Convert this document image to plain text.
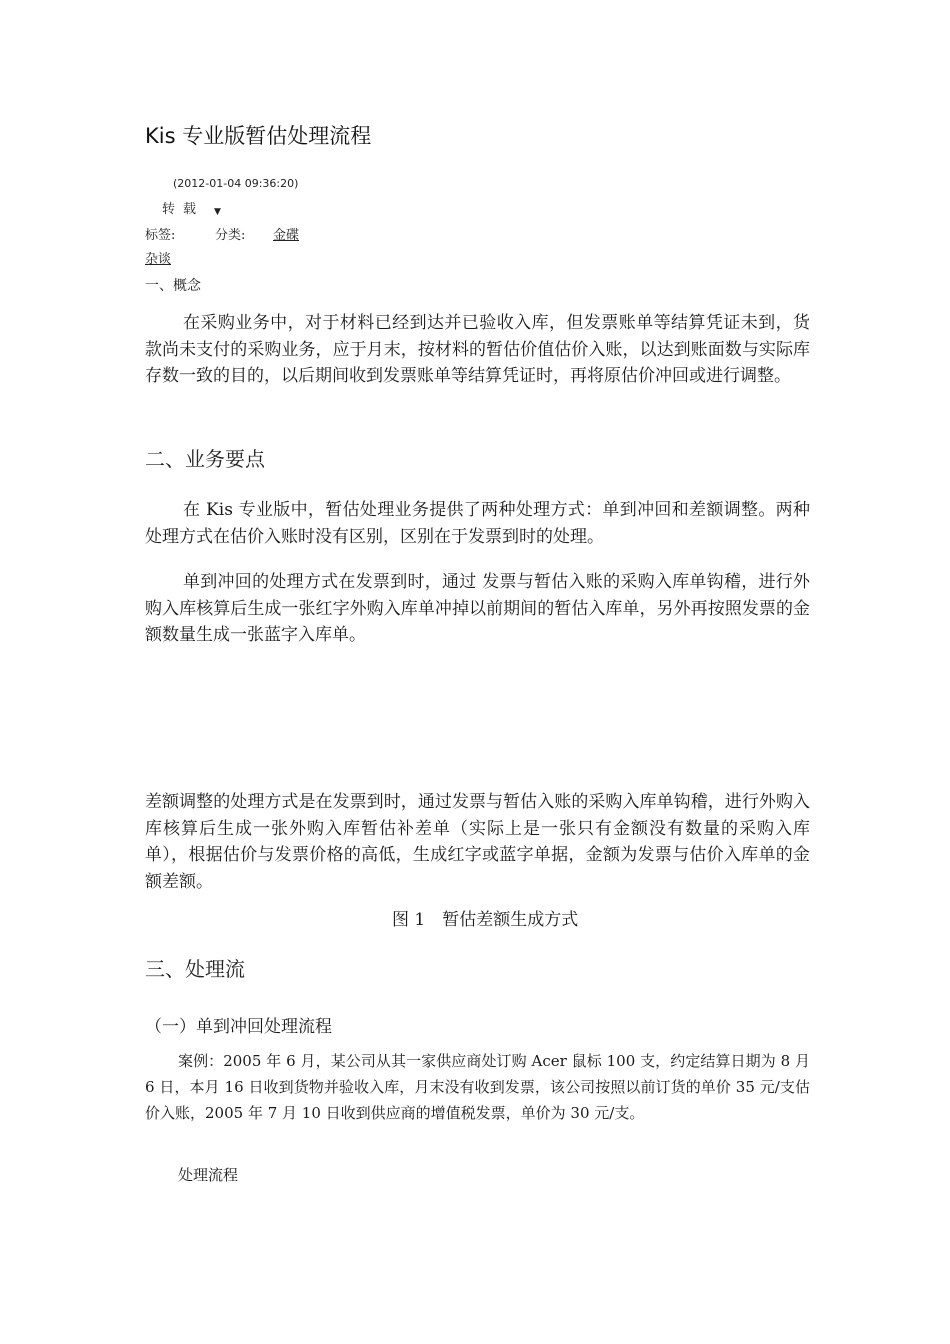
Kis 专业版暂估处理流程
(2012-01-04 09:36:20)
转载 ▼
标签:	分类: 金碟
杂谈
一、概念
在采购业务中，对于材料已经到达并已验收入库，但发票账单等结算凭证未到，货款尚未支付的采购业务，应于月末，按材料的暂估价值估价入账，以达到账面数与实际库存数一致的目的，以后期间收到发票账单等结算凭证时，再将原估价冲回或进行调整。
二、业务要点
在 Kis 专业版中，暂估处理业务提供了两种处理方式：单到冲回和差额调整。两种处理方式在估价入账时没有区别，区别在于发票到时的处理。
单到冲回的处理方式在发票到时，通过 发票与暂估入账的采购入库单钩稽，进行外购入库核算后生成一张红字外购入库单冲掉以前期间的暂估入库单，另外再按照发票的金额数量生成一张蓝字入库单。
差额调整的处理方式是在发票到时，通过发票与暂估入账的采购入库单钩稽，进行外购入库核算后生成一张外购入库暂估补差单（实际上是一张只有金额没有数量的采购入库单），根据估价与发票价格的高低，生成红字或蓝字单据，金额为发票与估价入库单的金额差额。
图 1　暂估差额生成方式
三、处理流
（一）单到冲回处理流程
案例：2005 年 6 月，某公司从其一家供应商处订购 Acer 鼠标 100 支，约定结算日期为 8 月 6 日，本月 16 日收到货物并验收入库，月末没有收到发票，该公司按照以前订货的单价 35 元/支估价入账，2005 年 7 月 10 日收到供应商的增值税发票，单价为 30 元/支。
处理流程
